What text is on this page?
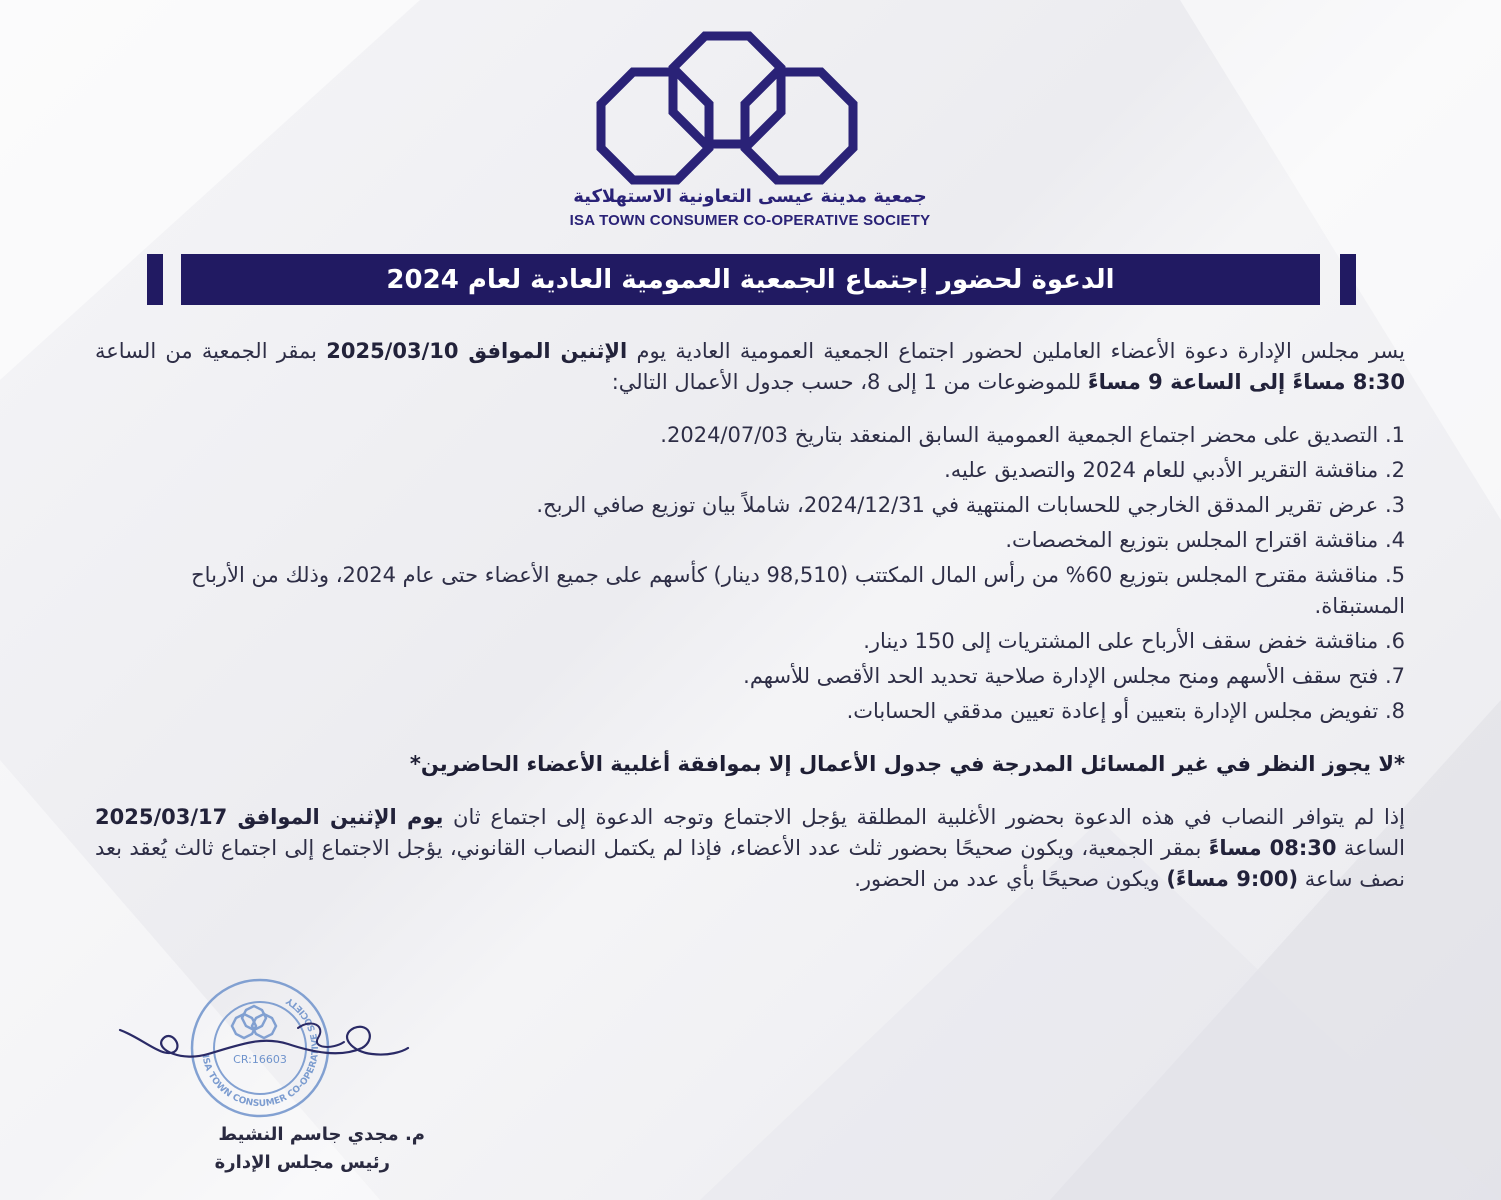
جمعية مدينة عيسى التعاونية الاستهلاكية
ISA TOWN CONSUMER CO-OPERATIVE SOCIETY
الدعوة لحضور إجتماع الجمعية العمومية العادية لعام 2024

يسر مجلس الإدارة دعوة الأعضاء العاملين لحضور اجتماع الجمعية العمومية العادية يوم الإثنين الموافق 2025/03/10 بمقر الجمعية من الساعة 8:30 مساءً إلى الساعة 9 مساءً للموضوعات من 1 إلى 8، حسب جدول الأعمال التالي:

1. التصديق على محضر اجتماع الجمعية العمومية السابق المنعقد بتاريخ 2024/07/03.
2. مناقشة التقرير الأدبي للعام 2024 والتصديق عليه.
3. عرض تقرير المدقق الخارجي للحسابات المنتهية في 2024/12/31، شاملاً بيان توزيع صافي الربح.
4. مناقشة اقتراح المجلس بتوزيع المخصصات.
5. مناقشة مقترح المجلس بتوزيع 60% من رأس المال المكتتب (98,510 دينار) كأسهم على جميع الأعضاء حتى عام 2024، وذلك من الأرباح المستبقاة.
6. مناقشة خفض سقف الأرباح على المشتريات إلى 150 دينار.
7. فتح سقف الأسهم ومنح مجلس الإدارة صلاحية تحديد الحد الأقصى للأسهم.
8. تفويض مجلس الإدارة بتعيين أو إعادة تعيين مدققي الحسابات.

*لا يجوز النظر في غير المسائل المدرجة في جدول الأعمال إلا بموافقة أغلبية الأعضاء الحاضرين*

إذا لم يتوافر النصاب في هذه الدعوة بحضور الأغلبية المطلقة يؤجل الاجتماع وتوجه الدعوة إلى اجتماع ثان يوم الإثنين الموافق 2025/03/17 الساعة 08:30 مساءً بمقر الجمعية، ويكون صحيحًا بحضور ثلث عدد الأعضاء، فإذا لم يكتمل النصاب القانوني، يؤجل الاجتماع إلى اجتماع ثالث يُعقد بعد نصف ساعة (9:00 مساءً) ويكون صحيحًا بأي عدد من الحضور.

ISA TOWN CONSUMER CO-OPERATIVE SOCIETY
CR:16603
م. مجدي جاسم النشيط
رئيس مجلس الإدارة
